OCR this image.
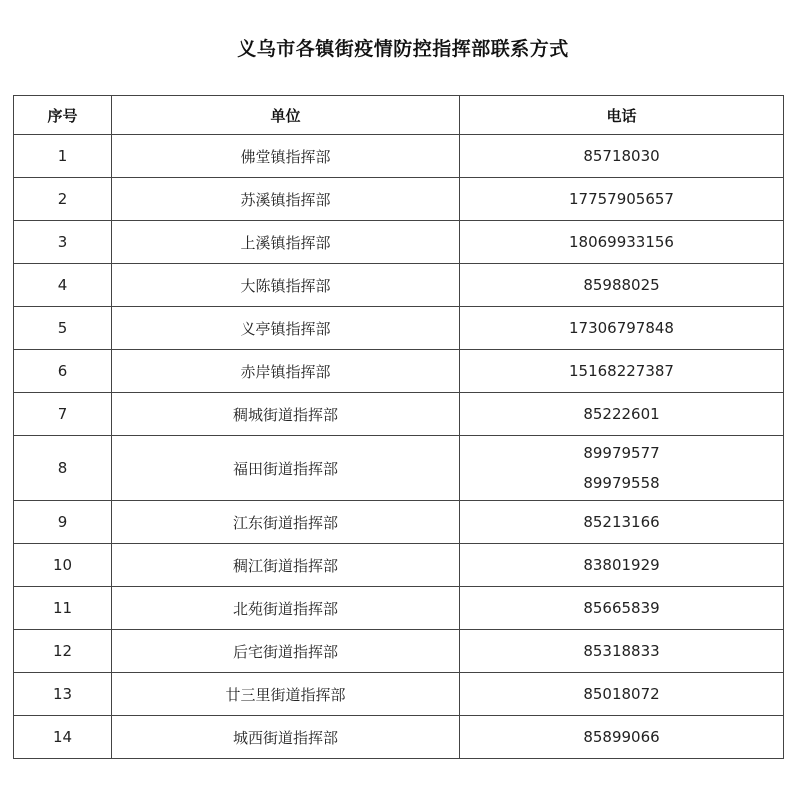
义乌市各镇街疫情防控指挥部联系方式
序号	单位	电话
1	佛堂镇指挥部	85718030

2	苏溪镇指挥部	17757905657

3	上溪镇指挥部	18069933156

4	大陈镇指挥部	85988025

5	义亭镇指挥部	17306797848

6	赤岸镇指挥部	15168227387

7	稠城街道指挥部	85222601

8	福田街道指挥部	89979577
89979558

9	江东街道指挥部	85213166

10	稠江街道指挥部	83801929

11	北苑街道指挥部	85665839

12	后宅街道指挥部	85318833

13	廿三里街道指挥部	85018072

14	城西街道指挥部	85899066
